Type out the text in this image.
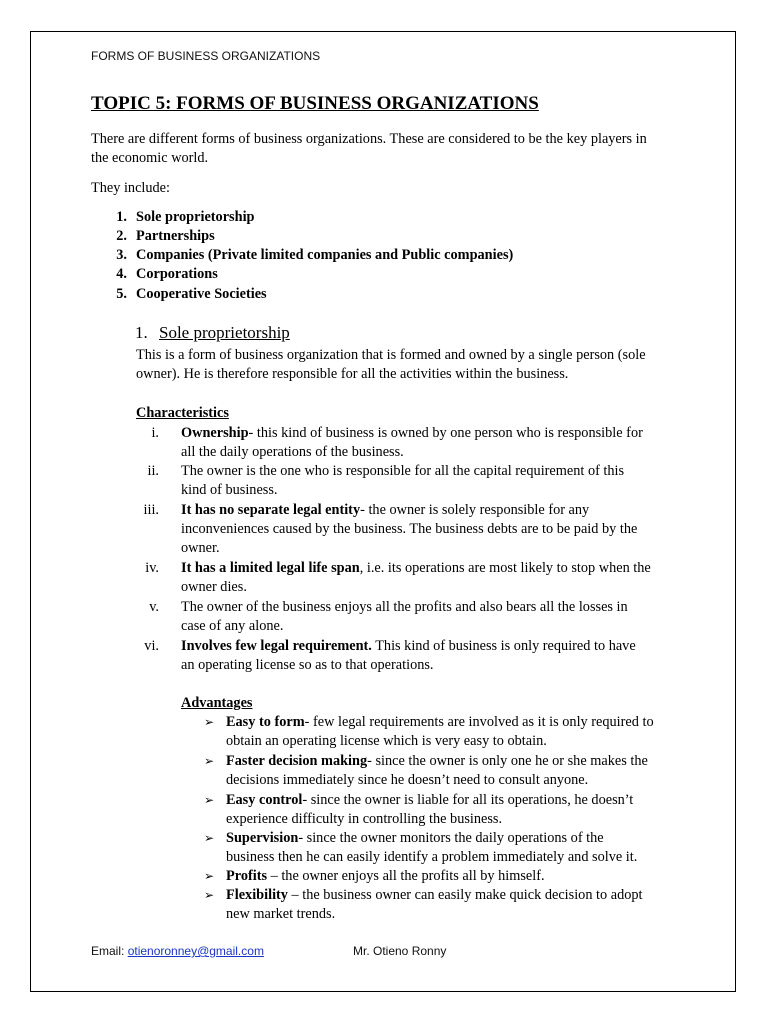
FORMS OF BUSINESS ORGANIZATIONS
TOPIC 5: FORMS OF BUSINESS ORGANIZATIONS
There are different forms of business organizations. These are considered to be the key players in
the economic world.
They include:
1. Sole proprietorship
2. Partnerships
3. Companies (Private limited companies and Public companies)
4. Corporations
5. Cooperative Societies
1. Sole proprietorship
This is a form of business organization that is formed and owned by a single person (sole
owner). He is therefore responsible for all the activities within the business.
Characteristics
i. Ownership- this kind of business is owned by one person who is responsible for
all the daily operations of the business.
ii. The owner is the one who is responsible for all the capital requirement of this
kind of business.
iii. It has no separate legal entity- the owner is solely responsible for any
inconveniences caused by the business. The business debts are to be paid by the
owner.
iv. It has a limited legal life span, i.e. its operations are most likely to stop when the
owner dies.
v. The owner of the business enjoys all the profits and also bears all the losses in
case of any alone.
vi. Involves few legal requirement. This kind of business is only required to have
an operating license so as to that operations.
Advantages
➢ Easy to form- few legal requirements are involved as it is only required to
obtain an operating license which is very easy to obtain.
➢ Faster decision making- since the owner is only one he or she makes the
decisions immediately since he doesn’t need to consult anyone.
➢ Easy control- since the owner is liable for all its operations, he doesn’t
experience difficulty in controlling the business.
➢ Supervision- since the owner monitors the daily operations of the
business then he can easily identify a problem immediately and solve it.
➢ Profits – the owner enjoys all the profits all by himself.
➢ Flexibility – the business owner can easily make quick decision to adopt
new market trends.
Email: otienoronney@gmail.com	Mr. Otieno Ronny
